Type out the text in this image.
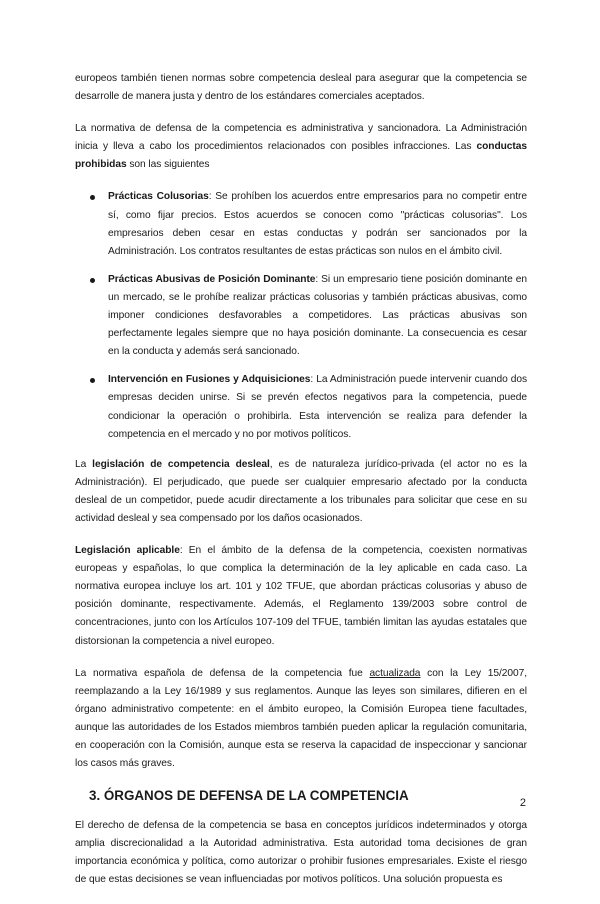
europeos también tienen normas sobre competencia desleal para asegurar que la competencia se desarrolle de manera justa y dentro de los estándares comerciales aceptados.

La normativa de defensa de la competencia es administrativa y sancionadora. La Administración inicia y lleva a cabo los procedimientos relacionados con posibles infracciones. Las conductas prohibidas son las siguientes

Prácticas Colusorias: Se prohíben los acuerdos entre empresarios para no competir entre sí, como fijar precios. Estos acuerdos se conocen como "prácticas colusorias". Los empresarios deben cesar en estas conductas y podrán ser sancionados por la Administración. Los contratos resultantes de estas prácticas son nulos en el ámbito civil.
Prácticas Abusivas de Posición Dominante: Si un empresario tiene posición dominante en un mercado, se le prohíbe realizar prácticas colusorias y también prácticas abusivas, como imponer condiciones desfavorables a competidores. Las prácticas abusivas son perfectamente legales siempre que no haya posición dominante. La consecuencia es cesar en la conducta y además será sancionado.
Intervención en Fusiones y Adquisiciones: La Administración puede intervenir cuando dos empresas deciden unirse. Si se prevén efectos negativos para la competencia, puede condicionar la operación o prohibirla. Esta intervención se realiza para defender la competencia en el mercado y no por motivos políticos.

La legislación de competencia desleal, es de naturaleza jurídico-privada (el actor no es la Administración). El perjudicado, que puede ser cualquier empresario afectado por la conducta desleal de un competidor, puede acudir directamente a los tribunales para solicitar que cese en su actividad desleal y sea compensado por los daños ocasionados.

Legislación aplicable: En el ámbito de la defensa de la competencia, coexisten normativas europeas y españolas, lo que complica la determinación de la ley aplicable en cada caso. La normativa europea incluye los art. 101 y 102 TFUE, que abordan prácticas colusorias y abuso de posición dominante, respectivamente. Además, el Reglamento 139/2003 sobre control de concentraciones, junto con los Artículos 107-109 del TFUE, también limitan las ayudas estatales que distorsionan la competencia a nivel europeo.

La normativa española de defensa de la competencia fue actualizada con la Ley 15/2007, reemplazando a la Ley 16/1989 y sus reglamentos. Aunque las leyes son similares, difieren en el órgano administrativo competente: en el ámbito europeo, la Comisión Europea tiene facultades, aunque las autoridades de los Estados miembros también pueden aplicar la regulación comunitaria, en cooperación con la Comisión, aunque esta se reserva la capacidad de inspeccionar y sancionar los casos más graves.

3. ÓRGANOS DE DEFENSA DE LA COMPETENCIA

El derecho de defensa de la competencia se basa en conceptos jurídicos indeterminados y otorga amplia discrecionalidad a la Autoridad administrativa. Esta autoridad toma decisiones de gran importancia económica y política, como autorizar o prohibir fusiones empresariales. Existe el riesgo de que estas decisiones se vean influenciadas por motivos políticos. Una solución propuesta es

2
